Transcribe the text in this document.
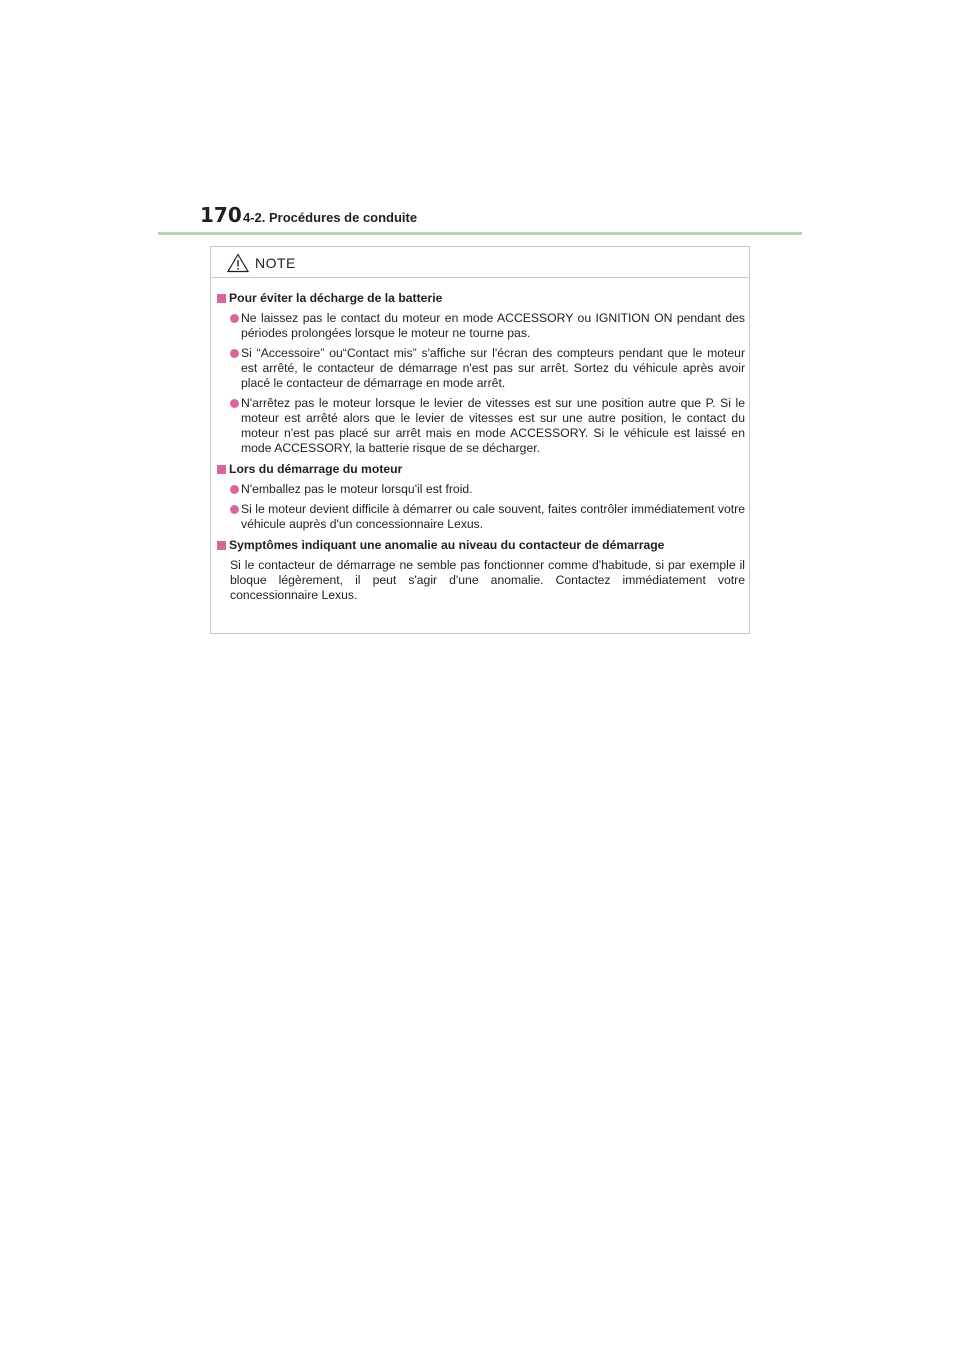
170 4-2. Procédures de conduite
NOTE
Pour éviter la décharge de la batterie
Ne laissez pas le contact du moteur en mode ACCESSORY ou IGNITION ON pendant des périodes prolongées lorsque le moteur ne tourne pas.
Si “Accessoire” ou“Contact mis” s'affiche sur l'écran des compteurs pendant que le moteur est arrêté, le contacteur de démarrage n'est pas sur arrêt. Sortez du véhicule après avoir placé le contacteur de démarrage en mode arrêt.
N'arrêtez pas le moteur lorsque le levier de vitesses est sur une position autre que P. Si le moteur est arrêté alors que le levier de vitesses est sur une autre position, le contact du moteur n'est pas placé sur arrêt mais en mode ACCESSORY. Si le véhicule est laissé en mode ACCESSORY, la batterie risque de se décharger.
Lors du démarrage du moteur
N'emballez pas le moteur lorsqu'il est froid.
Si le moteur devient difficile à démarrer ou cale souvent, faites contrôler immédiatement votre véhicule auprès d'un concessionnaire Lexus.
Symptômes indiquant une anomalie au niveau du contacteur de démarrage
Si le contacteur de démarrage ne semble pas fonctionner comme d'habitude, si par exemple il bloque légèrement, il peut s'agir d'une anomalie. Contactez immédiatement votre concessionnaire Lexus.
